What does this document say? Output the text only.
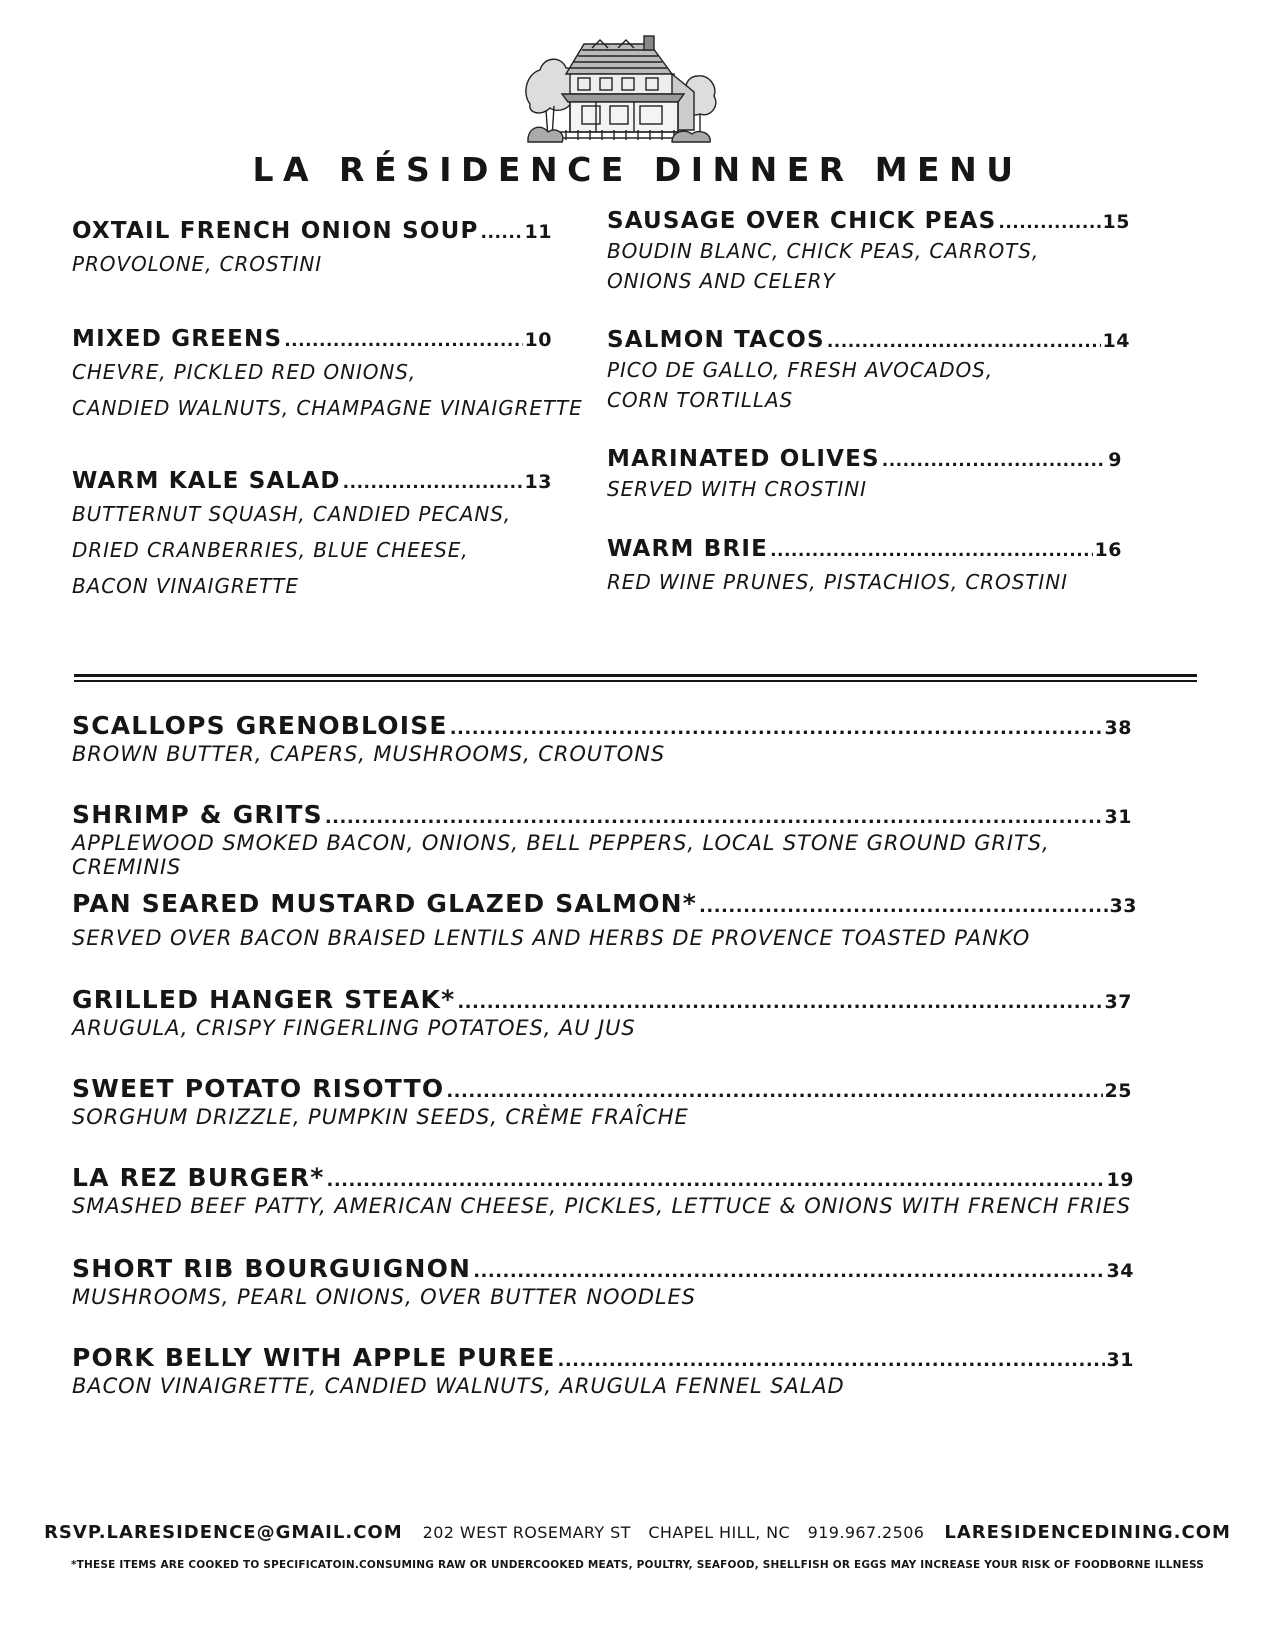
LA RÉSIDENCE DINNER MENU
OXTAIL FRENCH ONION SOUP ..... 11
PROVOLONE, CROSTINI
MIXED GREENS .....	10
CHEVRE, PICKLED RED ONIONS,
CANDIED WALNUTS, CHAMPAGNE VINAIGRETTE
WARM KALE SALAD .....	13
BUTTERNUT SQUASH, CANDIED PECANS,
DRIED CRANBERRIES, BLUE CHEESE,
BACON VINAIGRETTE
SAUSAGE OVER CHICK PEAS .....	15
BOUDIN BLANC, CHICK PEAS, CARROTS,
ONIONS AND CELERY
SALMON TACOS .....	14
PICO DE GALLO, FRESH AVOCADOS,
CORN TORTILLAS
MARINATED OLIVES .....	9
SERVED WITH CROSTINI
WARM BRIE .....	16
RED WINE PRUNES, PISTACHIOS, CROSTINI
SCALLOPS GRENOBLOISE .....	38
BROWN BUTTER, CAPERS, MUSHROOMS, CROUTONS
SHRIMP & GRITS .....	31
APPLEWOOD SMOKED BACON, ONIONS, BELL PEPPERS, LOCAL STONE GROUND GRITS, CREMINIS
PAN SEARED MUSTARD GLAZED SALMON* .....	33
SERVED OVER BACON BRAISED LENTILS AND HERBS DE PROVENCE TOASTED PANKO
GRILLED HANGER STEAK* .....	37
ARUGULA, CRISPY FINGERLING POTATOES, AU JUS
SWEET POTATO RISOTTO .....	25
SORGHUM DRIZZLE, PUMPKIN SEEDS, CRÈME FRAÎCHE
LA REZ BURGER* .....	19
SMASHED BEEF PATTY, AMERICAN CHEESE, PICKLES, LETTUCE & ONIONS WITH FRENCH FRIES
SHORT RIB BOURGUIGNON .....	34
MUSHROOMS, PEARL ONIONS, OVER BUTTER NOODLES
PORK BELLY WITH APPLE PUREE .....	31
BACON VINAIGRETTE, CANDIED WALNUTS, ARUGULA FENNEL SALAD
RSVP.LARESIDENCE@GMAIL.COM	202 WEST ROSEMARY ST CHAPEL HILL, NC 919.967.2506	LARESIDENCEDINING.COM
*THESE ITEMS ARE COOKED TO SPECIFICATOIN.CONSUMING RAW OR UNDERCOOKED MEATS, POULTRY, SEAFOOD, SHELLFISH OR EGGS MAY INCREASE YOUR RISK OF FOODBORNE ILLNESS
